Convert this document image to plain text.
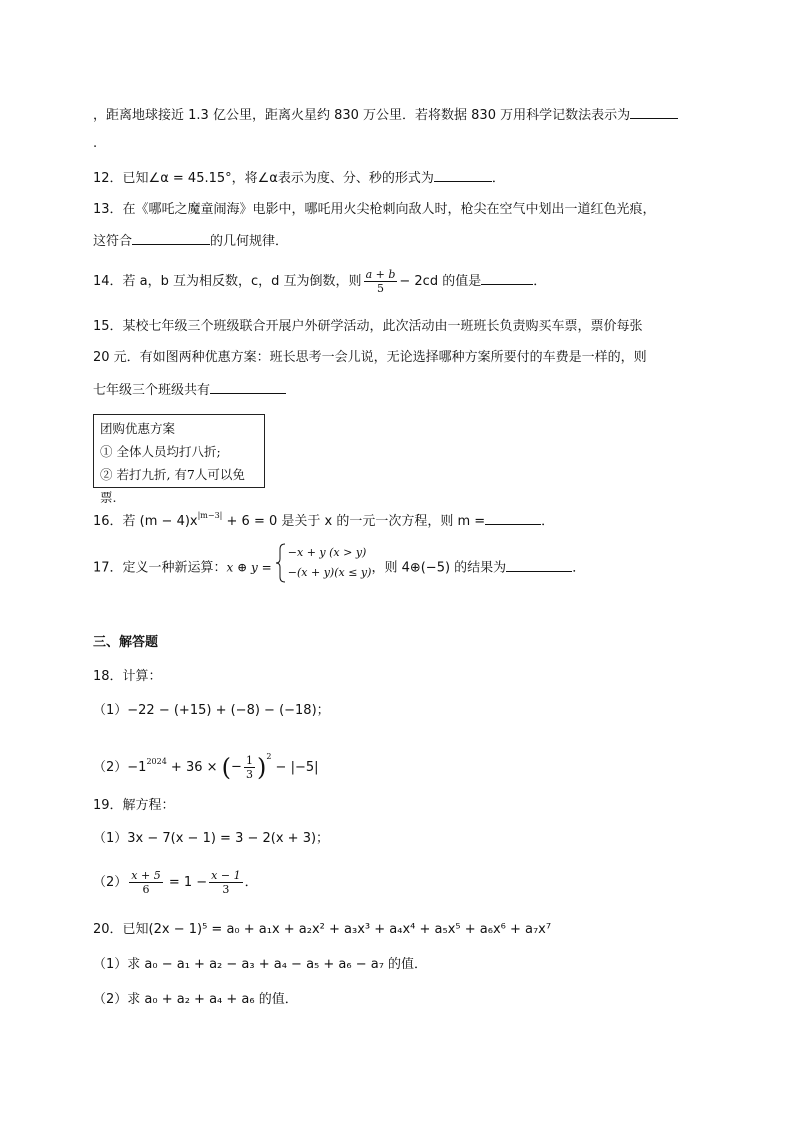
，距离地球接近 1.3 亿公里，距离火星约 830 万公里．若将数据 830 万用科学记数法表示为
.
12．已知∠α = 45.15°，将∠α表示为度、分、秒的形式为	．
13．在《哪吒之魔童闹海》电影中，哪吒用火尖枪刺向敌人时，枪尖在空气中划出一道红色光痕，
这符合	的几何规律．
14．若 a，b 互为相反数，c，d 互为倒数，则 $\frac{a + b}{5} - 2cd$ 的值是	．
15．某校七年级三个班级联合开展户外研学活动，此次活动由一班班长负责购买车票，票价每张
20 元．有如图两种优惠方案：班长思考一会儿说，无论选择哪种方案所要付的车费是一样的，则
七年级三个班级共有
团购优惠方案
① 全体人员均打八折;
② 若打九折, 有7人可以免票.
16．若 $(m - 4)x^{|m-3|} + 6 = 0$ 是关于 x 的一元一次方程，则 m =	．
17．定义一种新运算：x ⊕ y =
−x + y (x > y)
−(x + y)(x ≤ y) ，则 4⊕(−5) 的结果为	．
三、解答题
18．计算：
（1）−22 − (+15) + (−8) − (−18)；
$(2)-1^{2024} + 36$ × (− $\frac{1}{3} )^2 - |-5|$
19．解方程：
（1）3x − 7(x − 1) = 3 − 2(x + 3)；
$(2) \frac{x + 5}{6} = 1 - \frac{x - 1}{3}$ ．
20．已知(2x − 1)⁵ = a₀ + a₁x + a₂x² + a₃x³ + a₄x⁴ + a₅x⁵ + a₆x⁶ + a₇x⁷
（1）求 a₀ − a₁ + a₂ − a₃ + a₄ − a₅ + a₆ − a₇ 的值．
（2）求 a₀ + a₂ + a₄ + a₆ 的值．
